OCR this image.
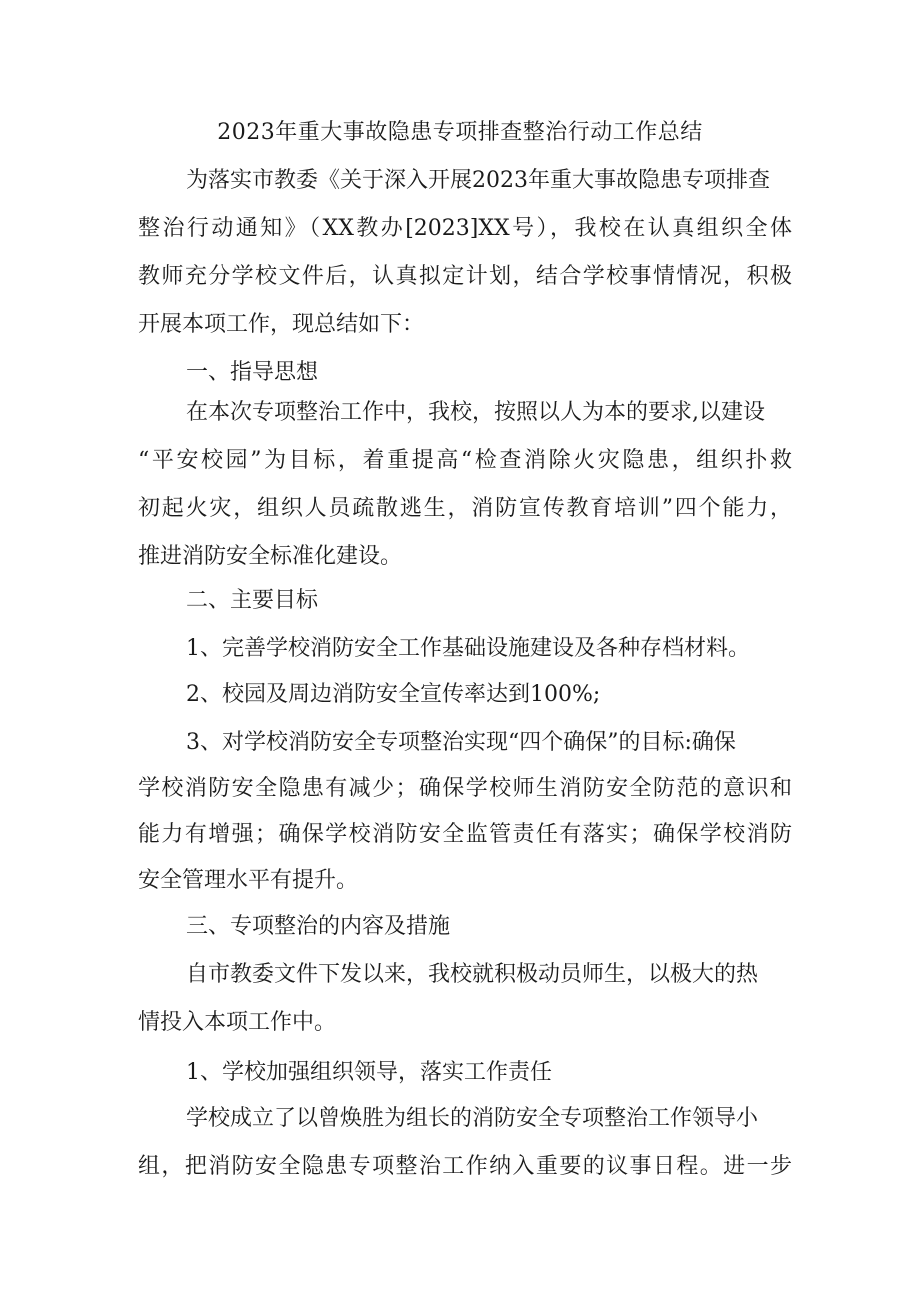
2023年重大事故隐患专项排查整治行动工作总结
为落实市教委《关于深入开展2023年重大事故隐患专项排查
整治行动通知》（XX教办[2023]XX号），我校在认真组织全体
教师充分学校文件后，认真拟定计划，结合学校事情情况，积极
开展本项工作，现总结如下：
一、指导思想
在本次专项整治工作中，我校，按照以人为本的要求,以建设
“平安校园”为目标，着重提高“检查消除火灾隐患，组织扑救
初起火灾，组织人员疏散逃生，消防宣传教育培训”四个能力，
推进消防安全标准化建设。
二、主要目标
1、完善学校消防安全工作基础设施建设及各种存档材料。
2、校园及周边消防安全宣传率达到100%;
3、对学校消防安全专项整治实现“四个确保”的目标:确保
学校消防安全隐患有减少；确保学校师生消防安全防范的意识和
能力有增强；确保学校消防安全监管责任有落实；确保学校消防
安全管理水平有提升。
三、专项整治的内容及措施
自市教委文件下发以来，我校就积极动员师生，以极大的热
情投入本项工作中。
1、学校加强组织领导，落实工作责任
学校成立了以曾焕胜为组长的消防安全专项整治工作领导小
组，把消防安全隐患专项整治工作纳入重要的议事日程。进一步
